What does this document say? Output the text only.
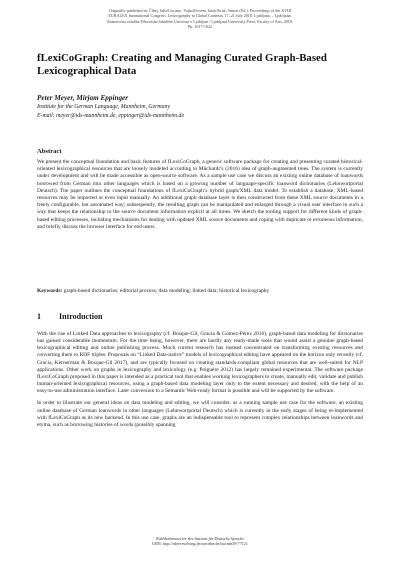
Originally published in: Čibej, Jaka/Gorjanc, Vojko/Kosem, Iztok/Krek, Simon (Ed.): Proceedings of the XVIII
EURALEX International Congress: Lexicography in Global Contexts, 17–21 July 2018, Ljubljana. – Ljubljana:
Znanstvena založba Filozofske fakultete Univerze v Ljubljani / Ljubljana University Press, Faculty of Arts, 2018.
Pp. 1017-1022
fLexiCoGraph: Creating and Managing Curated Graph-Based Lexicographical Data
Peter Meyer, Mirjam Eppinger
Institute for the German Language, Mannheim, Germany
E-mail: meyer@ids-mannheim.de, eppinger@ids-mannheim.de
Abstract
We present the conceptual foundation and basic features of fLexiCoGraph, a generic software package for creating and presenting curated historical-oriented lexicographical resources that are loosely modeled according to Müchardt’s (2016) idea of graph-augmented trees. The system is currently under development and will be made accessible as open-source software. As a sample use case we discuss an existing online database of loanwords borrowed from German into other languages which is based on a growing number of language-specific loanword dictionaries (Lehnwortportal Deutsch). The paper outlines the conceptual foundations of fLexiCoGraph’s hybrid graph/XML data model. To establish a database, XML-based resources may be imported or even input manually. An additional graph database layer is then constructed from these XML source documents in a freely configurable, but automated way; subsequently, the resulting graph can be manipulated and enlarged through a visual user interface in such a way that keeps the relationship to the source document information explicit at all times. We sketch the tooling support for different kinds of graph-based editing processes, including mechanisms for dealing with updated XML source documents and coping with duplicate or erroneous information, and briefly discuss the browser interface for end users.
Keywords: graph-based dictionaries; editorial process; data modeling; linked data; historical lexicography
1 Introduction

With the rise of Linked Data approaches to lexicography (cf. Bosque-Gil, Gracia & Gómez-Pérez 2016), graph-based data modeling for dictionaries has gained considerable momentum. For the time being, however, there are hardly any ready-made tools that would assist a genuine graph-based lexicographical editing and online publishing process. Much current research has instead concentrated on transforming existing resources and converting them to RDF triples. Proposals on “Linked Data-native” models of lexicographical editing have appeared on the horizon only recently (cf. Gracia, Kernerman & Bosque-Gil 2017), and are typically focused on creating standards-compliant global resources that are well-suited for NLP applications. Other work on graphs in lexicography and lexicology (e.g. Polguère 2012) has largely remained experimental. The software package fLexiCoGraph proposed in this paper is intended as a practical tool that enables working lexicographers to create, manually edit, validate and publish human-oriented lexicographical resources, using a graph-based data modeling layer only to the extent necessary and desired, with the help of an easy-to-use administration interface. Later conversion to a Semantic Web-ready format is possible and will be supported by the software.

In order to illustrate our general ideas on data modeling and editing, we will consider, as a running sample use case for the software, an existing online database of German loanwords in other languages (Lehnwortportal Deutsch) which is currently in the early stages of being re-implemented with fLexiCoGraph as its new backend. In this use case, graphs are an indispensable tool to represent complex relationships between loanwords and etyma, such as borrowing histories of words (possibly spanning

Publikationsserver des Instituts für Deutsche Sprache
URN: http://nbn-resolving.de/urn:nbn:de:bsz:mh39-77121
